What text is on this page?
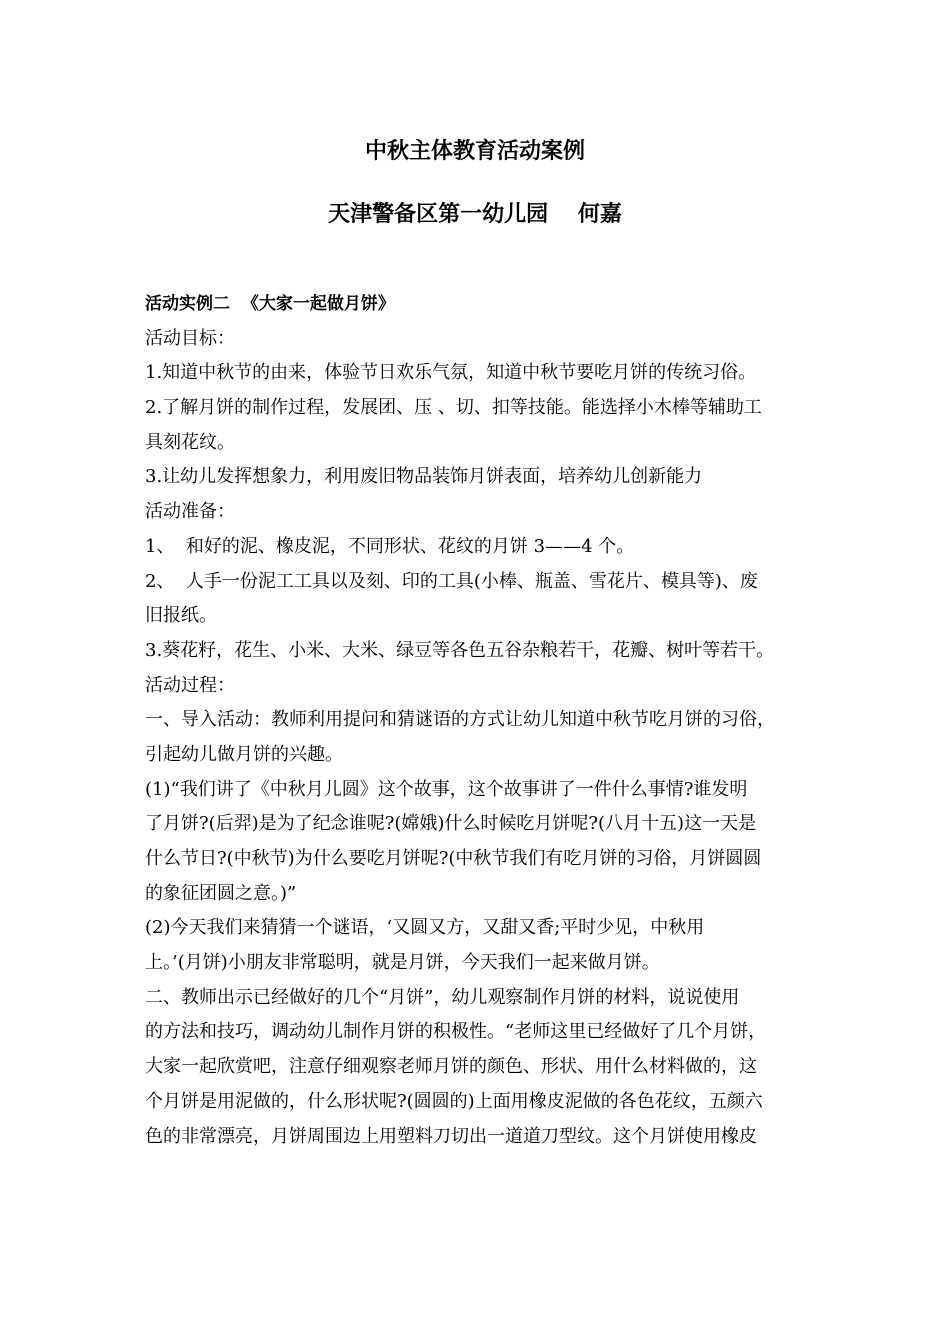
中秋主体教育活动案例
天津警备区第一幼儿园　 何嘉
活动实例二  《大家一起做月饼》
活动目标：
1.知道中秋节的由来，体验节日欢乐气氛，知道中秋节要吃月饼的传统习俗。
2.了解月饼的制作过程，发展团、压 、切、扣等技能。能选择小木棒等辅助工
具刻花纹。
3.让幼儿发挥想象力，利用废旧物品装饰月饼表面，培养幼儿创新能力
活动准备：
1、  和好的泥、橡皮泥，不同形状、花纹的月饼 3——4 个。
2、  人手一份泥工工具以及刻、印的工具(小棒、瓶盖、雪花片、模具等)、废
旧报纸。
3.葵花籽，花生、小米、大米、绿豆等各色五谷杂粮若干，花瓣、树叶等若干。
活动过程：
一、导入活动：教师利用提问和猜谜语的方式让幼儿知道中秋节吃月饼的习俗，
引起幼儿做月饼的兴趣。
(1)“我们讲了《中秋月儿圆》这个故事，这个故事讲了一件什么事情?谁发明
了月饼?(后羿)是为了纪念谁呢?(嫦娥)什么时候吃月饼呢?(八月十五)这一天是
什么节日?(中秋节)为什么要吃月饼呢?(中秋节我们有吃月饼的习俗，月饼圆圆
的象征团圆之意。)”
(2)今天我们来猜猜一个谜语，‘又圆又方，又甜又香;平时少见，中秋用
上。’(月饼)小朋友非常聪明，就是月饼，今天我们一起来做月饼。
二、教师出示已经做好的几个“月饼”，幼儿观察制作月饼的材料，说说使用
的方法和技巧，调动幼儿制作月饼的积极性。“老师这里已经做好了几个月饼，
大家一起欣赏吧，注意仔细观察老师月饼的颜色、形状、用什么材料做的，这
个月饼是用泥做的，什么形状呢?(圆圆的)上面用橡皮泥做的各色花纹，五颜六
色的非常漂亮，月饼周围边上用塑料刀切出一道道刀型纹。这个月饼使用橡皮
